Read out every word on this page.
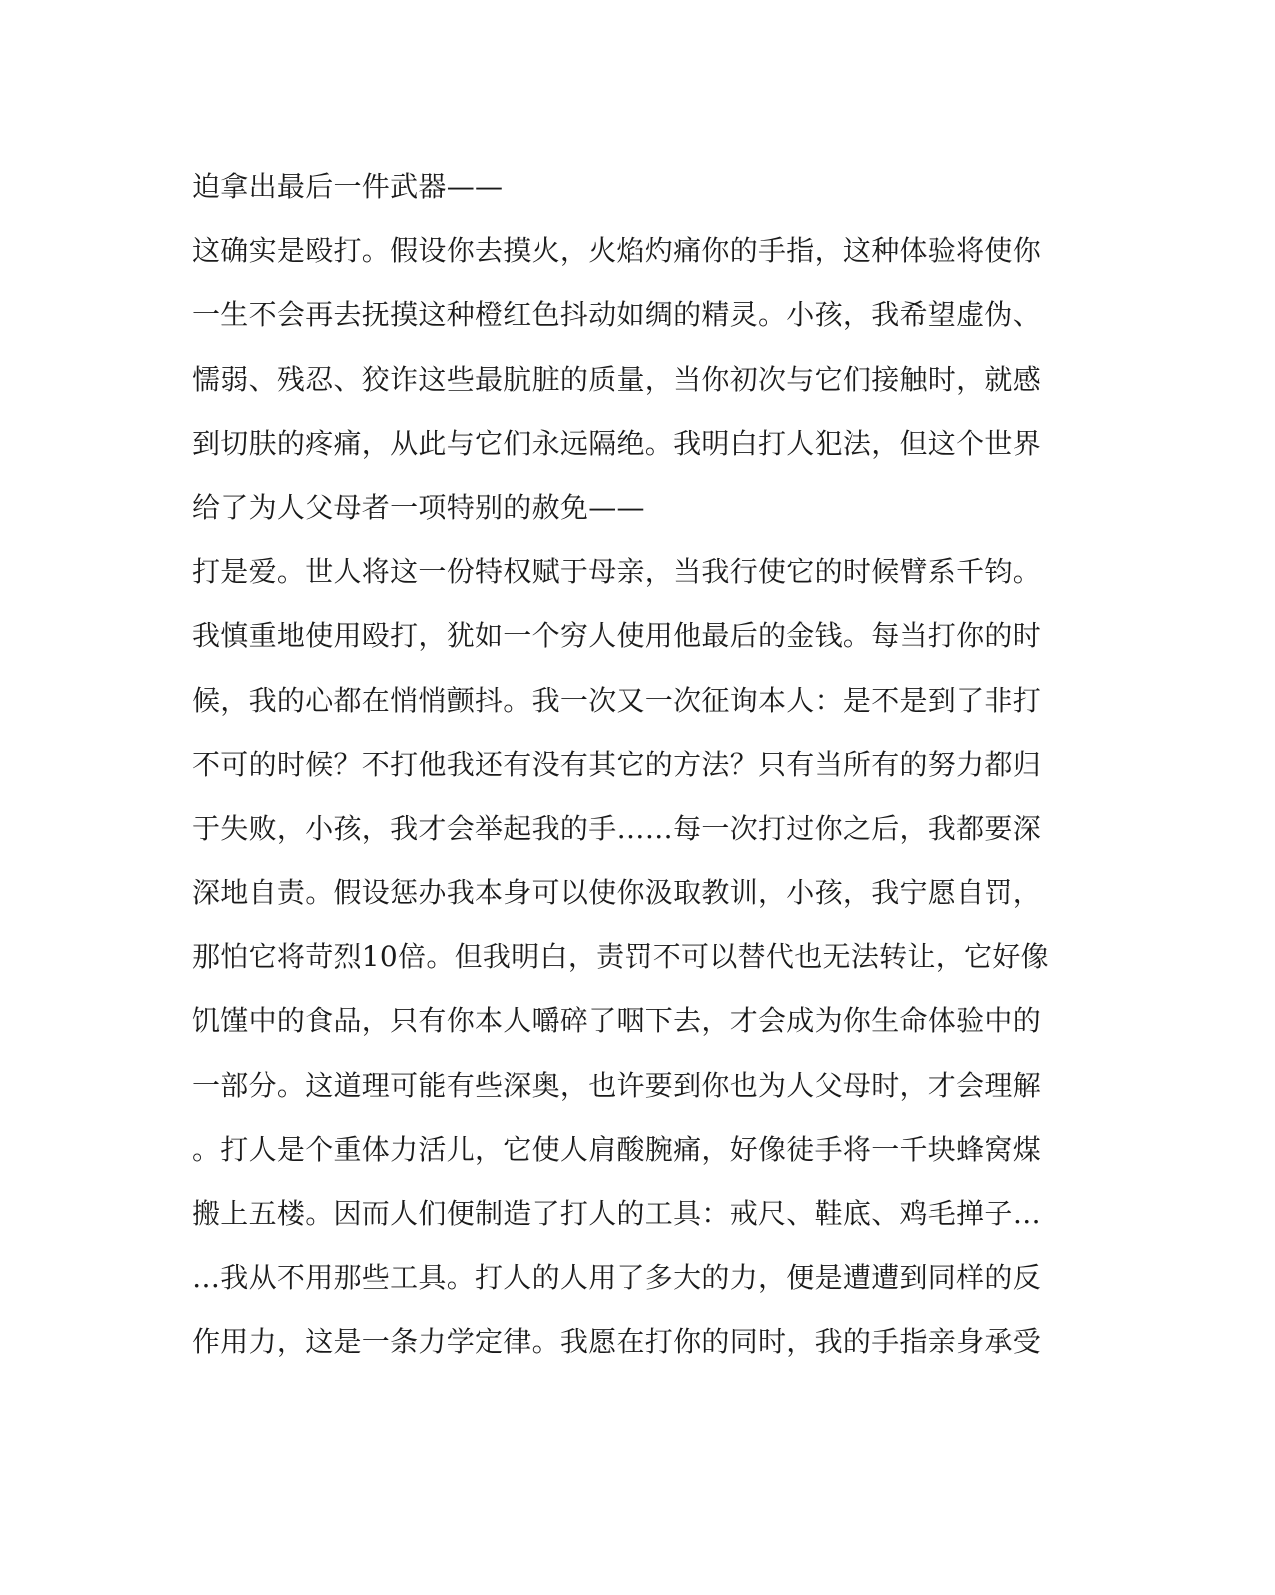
迫拿出最后一件武器——
这确实是殴打。假设你去摸火，火焰灼痛你的手指，这种体验将使你
一生不会再去抚摸这种橙红色抖动如绸的精灵。小孩，我希望虚伪、
懦弱、残忍、狡诈这些最肮脏的质量，当你初次与它们接触时，就感
到切肤的疼痛，从此与它们永远隔绝。我明白打人犯法，但这个世界
给了为人父母者一项特别的赦免——
打是爱。世人将这一份特权赋于母亲，当我行使它的时候臂系千钧。
我慎重地使用殴打，犹如一个穷人使用他最后的金钱。每当打你的时
候，我的心都在悄悄颤抖。我一次又一次征询本人：是不是到了非打
不可的时候？不打他我还有没有其它的方法？只有当所有的努力都归
于失败，小孩，我才会举起我的手……每一次打过你之后，我都要深
深地自责。假设惩办我本身可以使你汲取教训，小孩，我宁愿自罚，
那怕它将苛烈10倍。但我明白，责罚不可以替代也无法转让，它好像
饥馑中的食品，只有你本人嚼碎了咽下去，才会成为你生命体验中的
一部分。这道理可能有些深奥，也许要到你也为人父母时，才会理解
。打人是个重体力活儿，它使人肩酸腕痛，好像徒手将一千块蜂窝煤
搬上五楼。因而人们便制造了打人的工具：戒尺、鞋底、鸡毛掸子…
…我从不用那些工具。打人的人用了多大的力，便是遭遭到同样的反
作用力，这是一条力学定律。我愿在打你的同时，我的手指亲身承受
